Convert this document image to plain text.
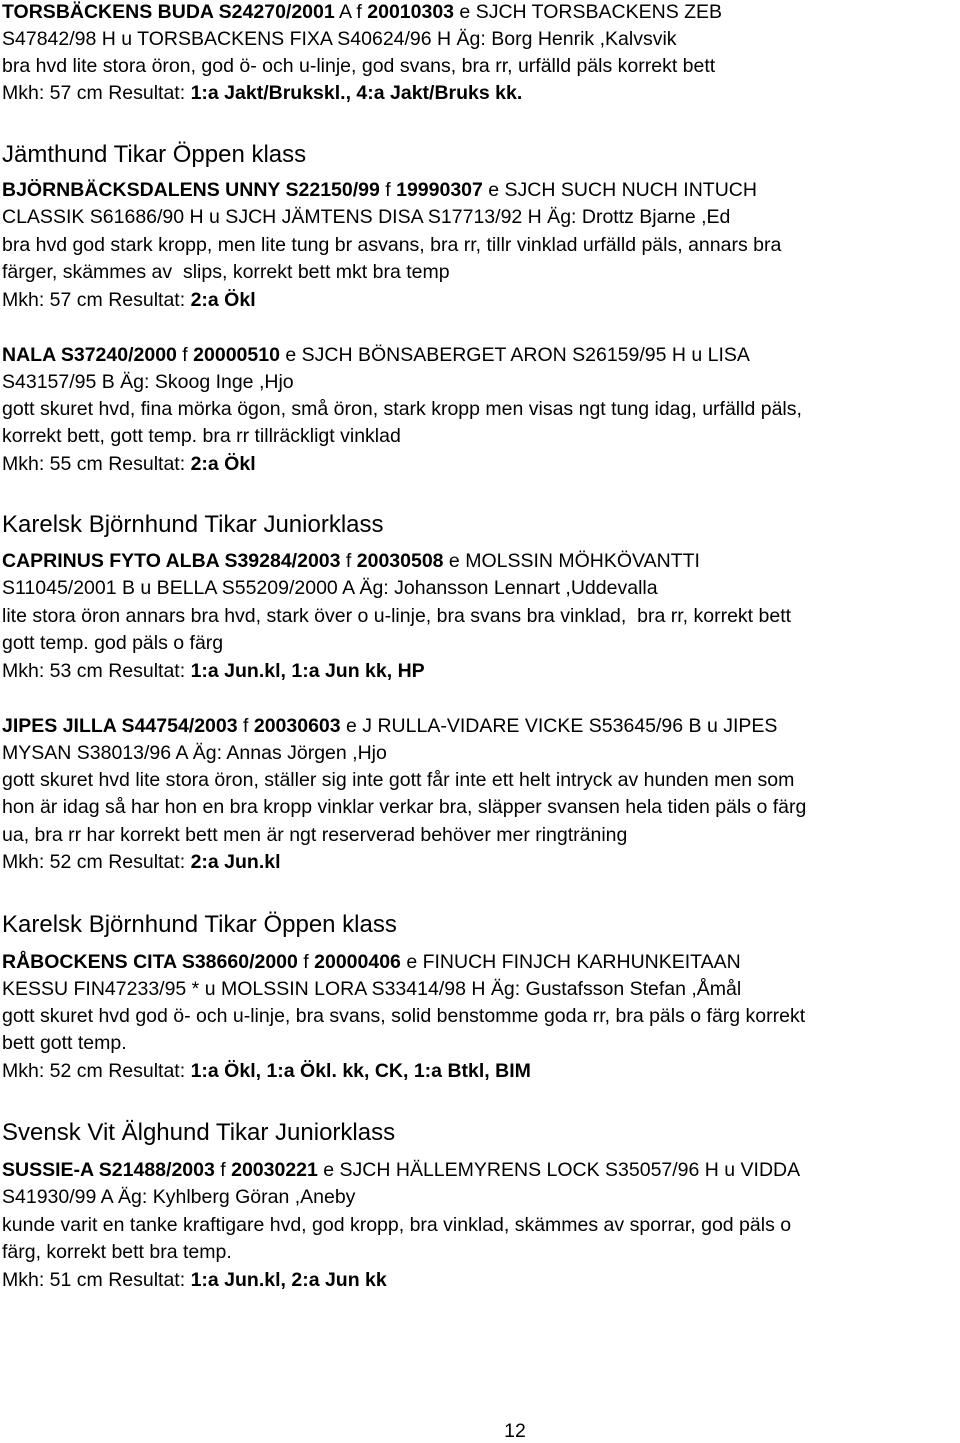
TORSBÄCKENS BUDA S24270/2001 A f 20010303 e SJCH TORSBACKENS ZEB
S47842/98 H u TORSBACKENS FIXA S40624/96 H Äg: Borg Henrik ,Kalvsvik
bra hvd lite stora öron, god ö- och u-linje, god svans, bra rr, urfälld päls korrekt bett
Mkh: 57 cm Resultat: 1:a Jakt/Brukskl., 4:a Jakt/Bruks kk.
Jämthund Tikar Öppen klass
BJÖRNBÄCKSDALENS UNNY S22150/99 f 19990307 e SJCH SUCH NUCH INTUCH
CLASSIK S61686/90 H u SJCH JÄMTENS DISA S17713/92 H Äg: Drottz Bjarne ,Ed
bra hvd god stark kropp, men lite tung br asvans, bra rr, tillr vinklad urfälld päls, annars bra
färger, skämmes av  slips, korrekt bett mkt bra temp
Mkh: 57 cm Resultat: 2:a Ökl
NALA S37240/2000 f 20000510 e SJCH BÖNSABERGET ARON S26159/95 H u LISA
S43157/95 B Äg: Skoog Inge ,Hjo
gott skuret hvd, fina mörka ögon, små öron, stark kropp men visas ngt tung idag, urfälld päls,
korrekt bett, gott temp. bra rr tillräckligt vinklad
Mkh: 55 cm Resultat: 2:a Ökl
Karelsk Björnhund Tikar Juniorklass
CAPRINUS FYTO ALBA S39284/2003 f 20030508 e MOLSSIN MÖHKÖVANTTI
S11045/2001 B u BELLA S55209/2000 A Äg: Johansson Lennart ,Uddevalla
lite stora öron annars bra hvd, stark över o u-linje, bra svans bra vinklad,  bra rr, korrekt bett
gott temp. god päls o färg
Mkh: 53 cm Resultat: 1:a Jun.kl, 1:a Jun kk, HP
JIPES JILLA S44754/2003 f 20030603 e J RULLA-VIDARE VICKE S53645/96 B u JIPES
MYSAN S38013/96 A Äg: Annas Jörgen ,Hjo
gott skuret hvd lite stora öron, ställer sig inte gott får inte ett helt intryck av hunden men som
hon är idag så har hon en bra kropp vinklar verkar bra, släpper svansen hela tiden päls o färg
ua, bra rr har korrekt bett men är ngt reserverad behöver mer ringträning
Mkh: 52 cm Resultat: 2:a Jun.kl
Karelsk Björnhund Tikar Öppen klass
RÅBOCKENS CITA S38660/2000 f 20000406 e FINUCH FINJCH KARHUNKEITAAN
KESSU FIN47233/95 * u MOLSSIN LORA S33414/98 H Äg: Gustafsson Stefan ,Åmål
gott skuret hvd god ö- och u-linje, bra svans, solid benstomme goda rr, bra päls o färg korrekt
bett gott temp.
Mkh: 52 cm Resultat: 1:a Ökl, 1:a Ökl. kk, CK, 1:a Btkl, BIM
Svensk Vit Älghund Tikar Juniorklass
SUSSIE-A S21488/2003 f 20030221 e SJCH HÄLLEMYRENS LOCK S35057/96 H u VIDDA
S41930/99 A Äg: Kyhlberg Göran ,Aneby
kunde varit en tanke kraftigare hvd, god kropp, bra vinklad, skämmes av sporrar, god päls o
färg, korrekt bett bra temp.
Mkh: 51 cm Resultat: 1:a Jun.kl, 2:a Jun kk
12
